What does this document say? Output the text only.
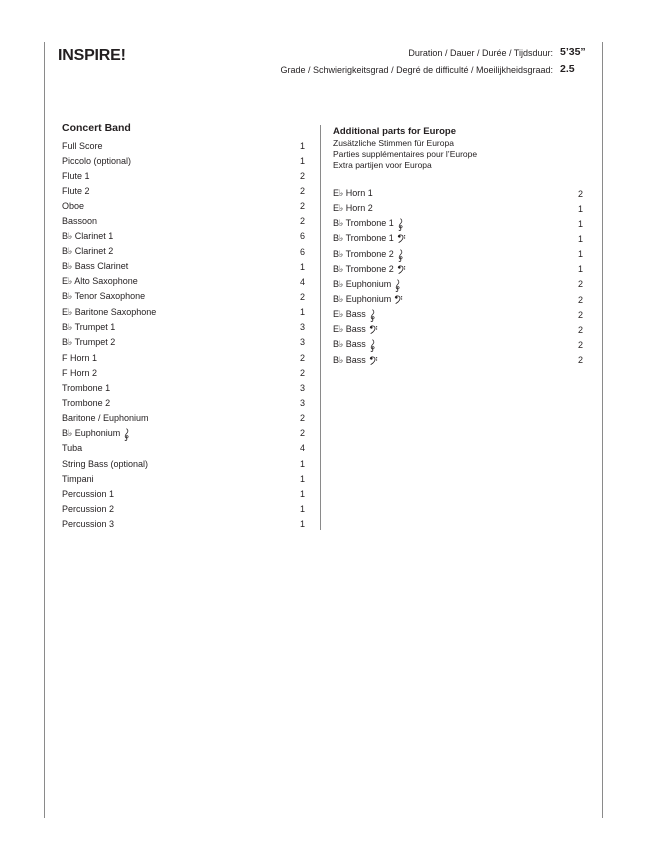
INSPIRE!	Duration / Dauer / Durée / Tijdsduur: 5’35”
Grade / Schwierigkeitsgrad / Degré de difficulté / Moeilijkheidsgraad: 2.5
Concert Band
Zusätzliche Stimmen für Europa
Parties supplémentaires pour l’Europe
Extra partijen voor Europa
Additional parts for Europe
Full Score	1
Piccolo (optional)	1
Flute 1	2
Flute 2	2
Oboe	2
Bassoon	2
B♭ Clarinet 1	6
B♭ Clarinet 2	6
B♭ Bass Clarinet	1
E♭ Alto Saxophone	4
B♭ Tenor Saxophone	2
E♭ Baritone Saxophone	1
B♭ Trumpet 1	3
B♭ Trumpet 2	3
F Horn 1	2
F Horn 2	2
Trombone 1	3
Trombone 2	3
Baritone / Euphonium	2
B♭ Euphonium	2
Tuba	4
String Bass (optional)	1
Timpani	1
Percussion 1	1
Percussion 2	1
Percussion 3	1
E♭ Horn 1	2
E♭ Horn 2	1
B♭ Trombone 1	1
B♭ Trombone 1	1
B♭ Trombone 2	1
B♭ Trombone 2	1
B♭ Euphonium	2
B♭ Euphonium	2
E♭ Bass	2
E♭ Bass	2
B♭ Bass	2
B♭ Bass	2
